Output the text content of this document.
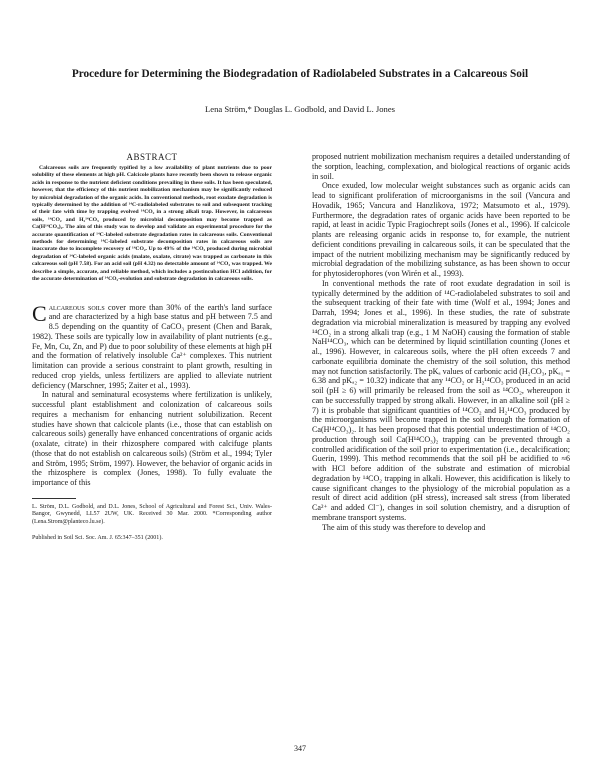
Procedure for Determining the Biodegradation of Radiolabeled Substrates in a Calcareous Soil
Lena Ström,* Douglas L. Godbold, and David L. Jones
ABSTRACT

Calcareous soils are frequently typified by a low availability of plant nutrients due to poor solubility of these elements at high pH. Calcicole plants have recently been shown to release organic acids in response to the nutrient deficient conditions prevailing in these soils. It has been speculated, however, that the efficiency of this nutrient mobilization mechanism may be significantly reduced by microbial degradation of the organic acids. In conventional methods, root exudate degradation is typically determined by the addition of ¹⁴C-radiolabeled substrates to soil and subsequent tracking of their fate with time by trapping evolved ¹⁴CO₂ in a strong alkali trap. However, in calcareous soils, ¹⁴CO₂ and H₂¹⁴CO₃ produced by microbial decomposition may become trapped as Ca(H¹⁴CO₃)₂. The aim of this study was to develop and validate an experimental procedure for the accurate quantification of ¹⁴C-labeled substrate degradation rates in calcareous soils. Conventional methods for determining ¹⁴C-labeled substrate decomposition rates in calcareous soils are inaccurate due to incomplete recovery of ¹⁴CO₂. Up to 49% of the ¹⁴CO₂ produced during microbial degradation of ¹⁴C-labeled organic acids (malate, oxalate, citrate) was trapped as carbonate in this calcareous soil (pH 7.58). For an acid soil (pH 4.32) no detectable amount of ¹⁴CO₂ was trapped. We describe a simple, accurate, and reliable method, which includes a postincubation HCl addition, for the accurate determination of ¹⁴CO₂-evolution and substrate degradation in calcareous soils.

Calcareous soils cover more than 30% of the earth's land surface and are characterized by a high base status and pH between 7.5 and 8.5 depending on the quantity of CaCO₃ present (Chen and Barak, 1982). These soils are typically low in availability of plant nutrients (e.g., Fe, Mn, Cu, Zn, and P) due to poor solubility of these elements at high pH and the formation of relatively insoluble Ca²⁺ complexes. This nutrient limitation can provide a serious constraint to plant growth, resulting in reduced crop yields, unless fertilizers are applied to alleviate nutrient deficiency (Marschner, 1995; Zaiter et al., 1993).

In natural and seminatural ecosystems where fertilization is unlikely, successful plant establishment and colonization of calcareous soils requires a mechanism for enhancing nutrient solubilization. Recent studies have shown that calcicole plants (i.e., those that can establish on calcareous soils) generally have enhanced concentrations of organic acids (oxalate, citrate) in their rhizosphere compared with calcifuge plants (those that do not establish on calcareous soils) (Ström et al., 1994; Tyler and Ström, 1995; Ström, 1997). However, the behavior of organic acids in the rhizosphere is complex (Jones, 1998). To fully evaluate the importance of this

L. Ström, D.L. Godbold, and D.L. Jones, School of Agricultural and Forest Sci., Univ. Wales-Bangor, Gwynedd, LL57 2UW, UK. Received 30 Mar. 2000. *Corresponding author (Lena.Strom@planteco.lu.se).

Published in Soil Sci. Soc. Am. J. 65:347–351 (2001).

proposed nutrient mobilization mechanism requires a detailed understanding of the sorption, leaching, complexation, and biological reactions of organic acids in soil.

Once exuded, low molecular weight substances such as organic acids can lead to significant proliferation of microorganisms in the soil (Vancura and Hovadik, 1965; Vancura and Hanzlikova, 1972; Matsumoto et al., 1979). Furthermore, the degradation rates of organic acids have been reported to be rapid, at least in acidic Typic Fragiochrept soils (Jones et al., 1996). If calcicole plants are releasing organic acids in response to, for example, the nutrient deficient conditions prevailing in calcareous soils, it can be speculated that the impact of the nutrient mobilizing mechanism may be significantly reduced by microbial degradation of the mobilizing substance, as has been shown to occur for phytosiderophores (von Wirén et al., 1993).

In conventional methods the rate of root exudate degradation in soil is typically determined by the addition of ¹⁴C-radiolabeled substrates to soil and the subsequent tracking of their fate with time (Wolf et al., 1994; Jones and Darrah, 1994; Jones et al., 1996). In these studies, the rate of substrate degradation via microbial mineralization is measured by trapping any evolved ¹⁴CO₂ in a strong alkali trap (e.g., 1 M NaOH) causing the formation of stable NaH¹⁴CO₃, which can be determined by liquid scintillation counting (Jones et al., 1996). However, in calcareous soils, where the pH often exceeds 7 and carbonate equilibria dominate the chemistry of the soil solution, this method may not function satisfactorily. The pKₐ values of carbonic acid (H₂CO₃, pKₐ₁ = 6.38 and pKₐ₂ = 10.32) indicate that any ¹⁴CO₂ or H₂¹⁴CO₃ produced in an acid soil (pH ≥ 6) will primarily be released from the soil as ¹⁴CO₂, whereupon it can be successfully trapped by strong alkali. However, in an alkaline soil (pH ≥ 7) it is probable that significant quantities of ¹⁴CO₂ and H₂¹⁴CO₃ produced by the microorganisms will become trapped in the soil through the formation of Ca(H¹⁴CO₃)₂. It has been proposed that this potential underestimation of ¹⁴CO₂ production through soil Ca(H¹⁴CO₃)₂ trapping can be prevented through a controlled acidification of the soil prior to experimentation (i.e., decalcification; Guerin, 1999). This method recommends that the soil pH be acidified to ≈6 with HCl before addition of the substrate and estimation of microbial degradation by ¹⁴CO₂ trapping in alkali. However, this acidification is likely to cause significant changes to the physiology of the microbial population as a result of direct acid addition (pH stress), increased salt stress (from liberated Ca²⁺ and added Cl⁻), changes in soil solution chemistry, and a disruption of membrane transport systems.

The aim of this study was therefore to develop and

347
